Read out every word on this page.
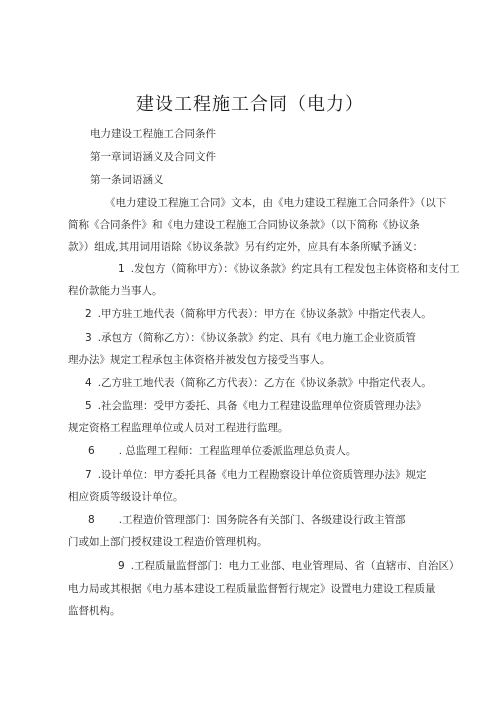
建设工程施工合同（电力）
电力建设工程施工合同条件
第一章词语涵义及合同文件
第一条词语涵义
《电力建设工程施工合同》文本，由《电力建设工程施工合同条件》（以下
简称《合同条件》和《电力建设工程施工合同协议条款》（以下简称《协议条
款》）组成,其用词用语除《协议条款》另有约定外，应具有本条所赋予涵义：
1 .发包方（简称甲方）：《协议条款》约定具有工程发包主体资格和支付工
程价款能力当事人。
2 .甲方驻工地代表（简称甲方代表）：甲方在《协议条款》中指定代表人。
3 .承包方（简称乙方）：《协议条款》约定、具有《电力施工企业资质管
理办法》规定工程承包主体资格并被发包方接受当事人。
4 .乙方驻工地代表（简称乙方代表）：乙方在《协议条款》中指定代表人。
5 .社会监理：受甲方委托、具备《电力工程建设监理单位资质管理办法》
规定资格工程监理单位或人员对工程进行监理。
6 . 总监理工程师：工程监理单位委派监理总负责人。
7 .设计单位：甲方委托具备《电力工程勘察设计单位资质管理办法》规定
相应资质等级设计单位。
8 .工程造价管理部门：国务院各有关部门、各级建设行政主管部
门或如上部门授权建设工程造价管理机构。
9 .工程质量监督部门：电力工业部、电业管理局、省（直辖市、自治区）
电力局或其根据《电力基本建设工程质量监督暂行规定》设置电力建设工程质量
监督机构。
